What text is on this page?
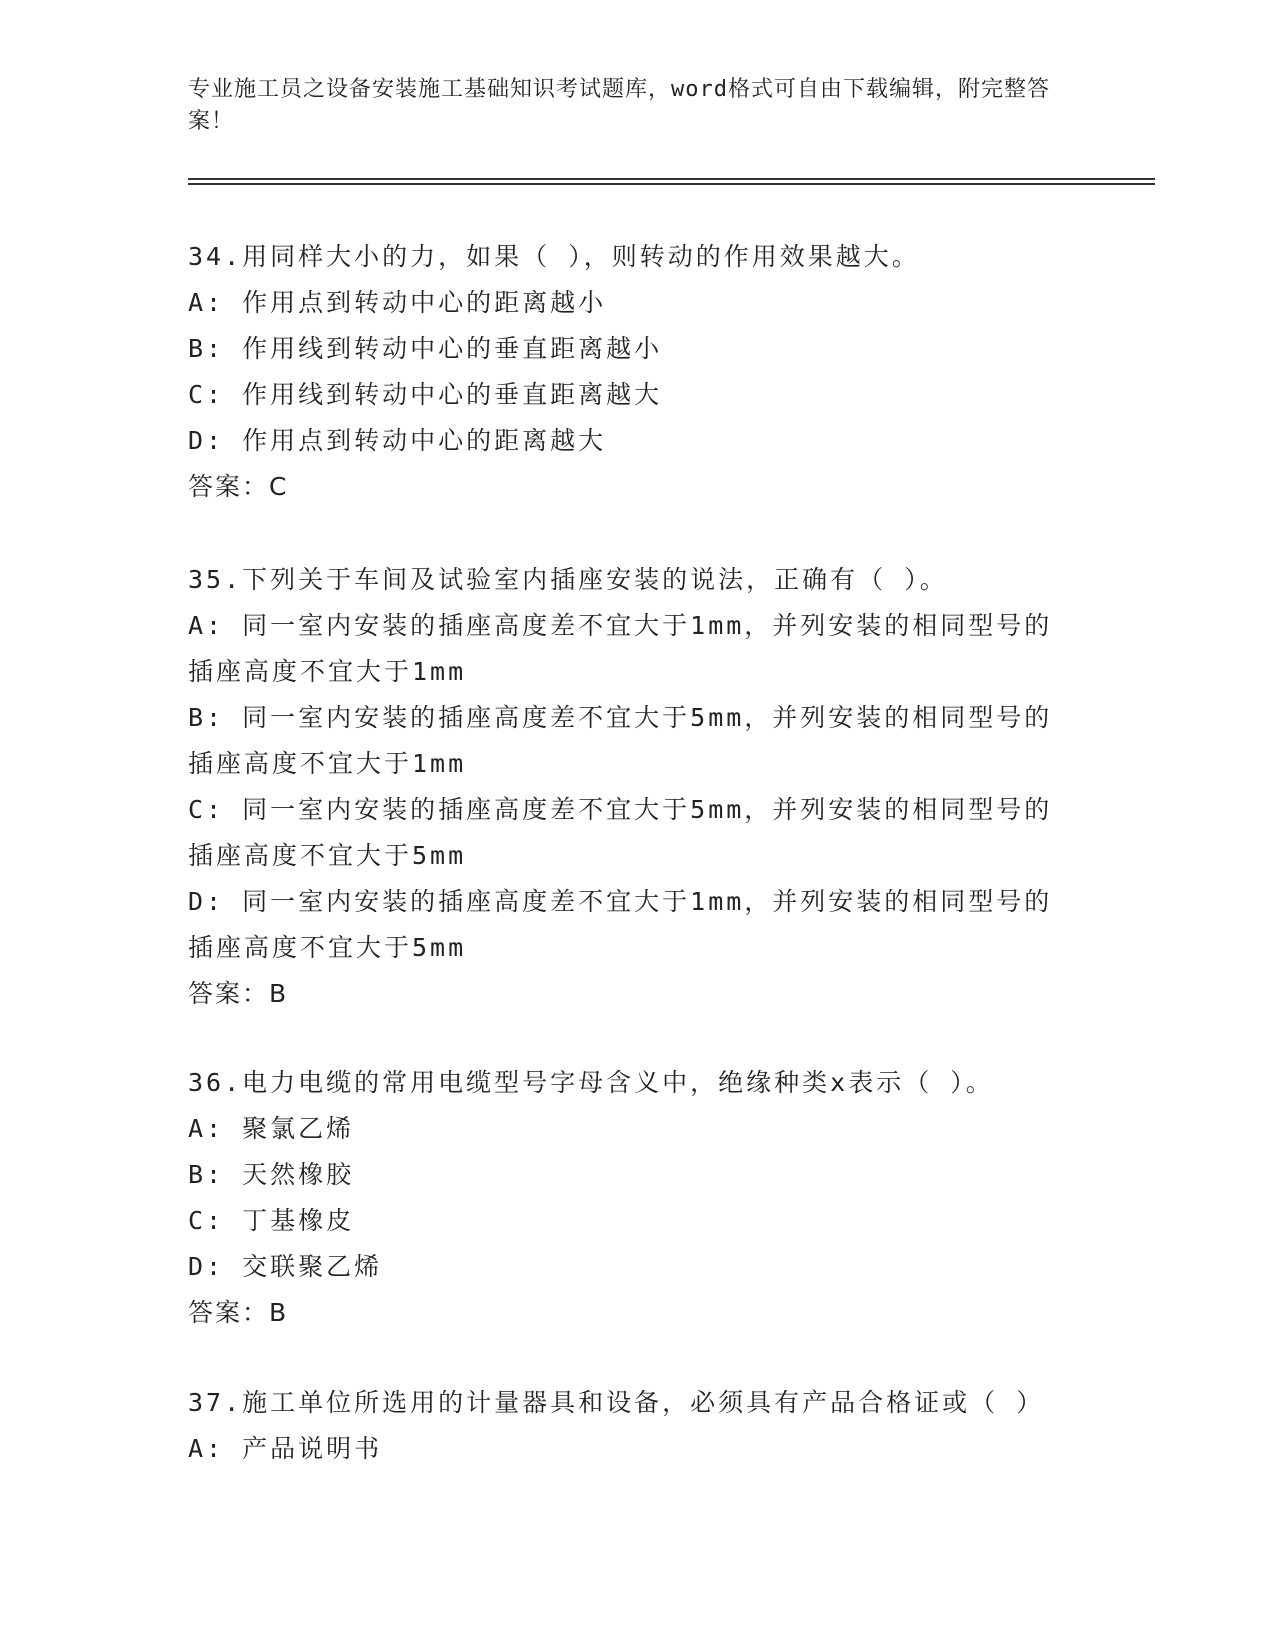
专业施工员之设备安装施工基础知识考试题库，word格式可自由下载编辑，附完整答案！
34.用同样大小的力，如果（ ），则转动的作用效果越大。
A: 作用点到转动中心的距离越小
B: 作用线到转动中心的垂直距离越小
C: 作用线到转动中心的垂直距离越大
D: 作用点到转动中心的距离越大
答案：C
35.下列关于车间及试验室内插座安装的说法，正确有（ ）。
A: 同一室内安装的插座高度差不宜大于1mm，并列安装的相同型号的插座高度不宜大于1mm
B: 同一室内安装的插座高度差不宜大于5mm，并列安装的相同型号的插座高度不宜大于1mm
C: 同一室内安装的插座高度差不宜大于5mm，并列安装的相同型号的插座高度不宜大于5mm
D: 同一室内安装的插座高度差不宜大于1mm，并列安装的相同型号的插座高度不宜大于5mm
答案：B
36.电力电缆的常用电缆型号字母含义中，绝缘种类x表示（ ）。
A: 聚氯乙烯
B: 天然橡胶
C: 丁基橡皮
D: 交联聚乙烯
答案：B
37.施工单位所选用的计量器具和设备，必须具有产品合格证或（ ）
A: 产品说明书
